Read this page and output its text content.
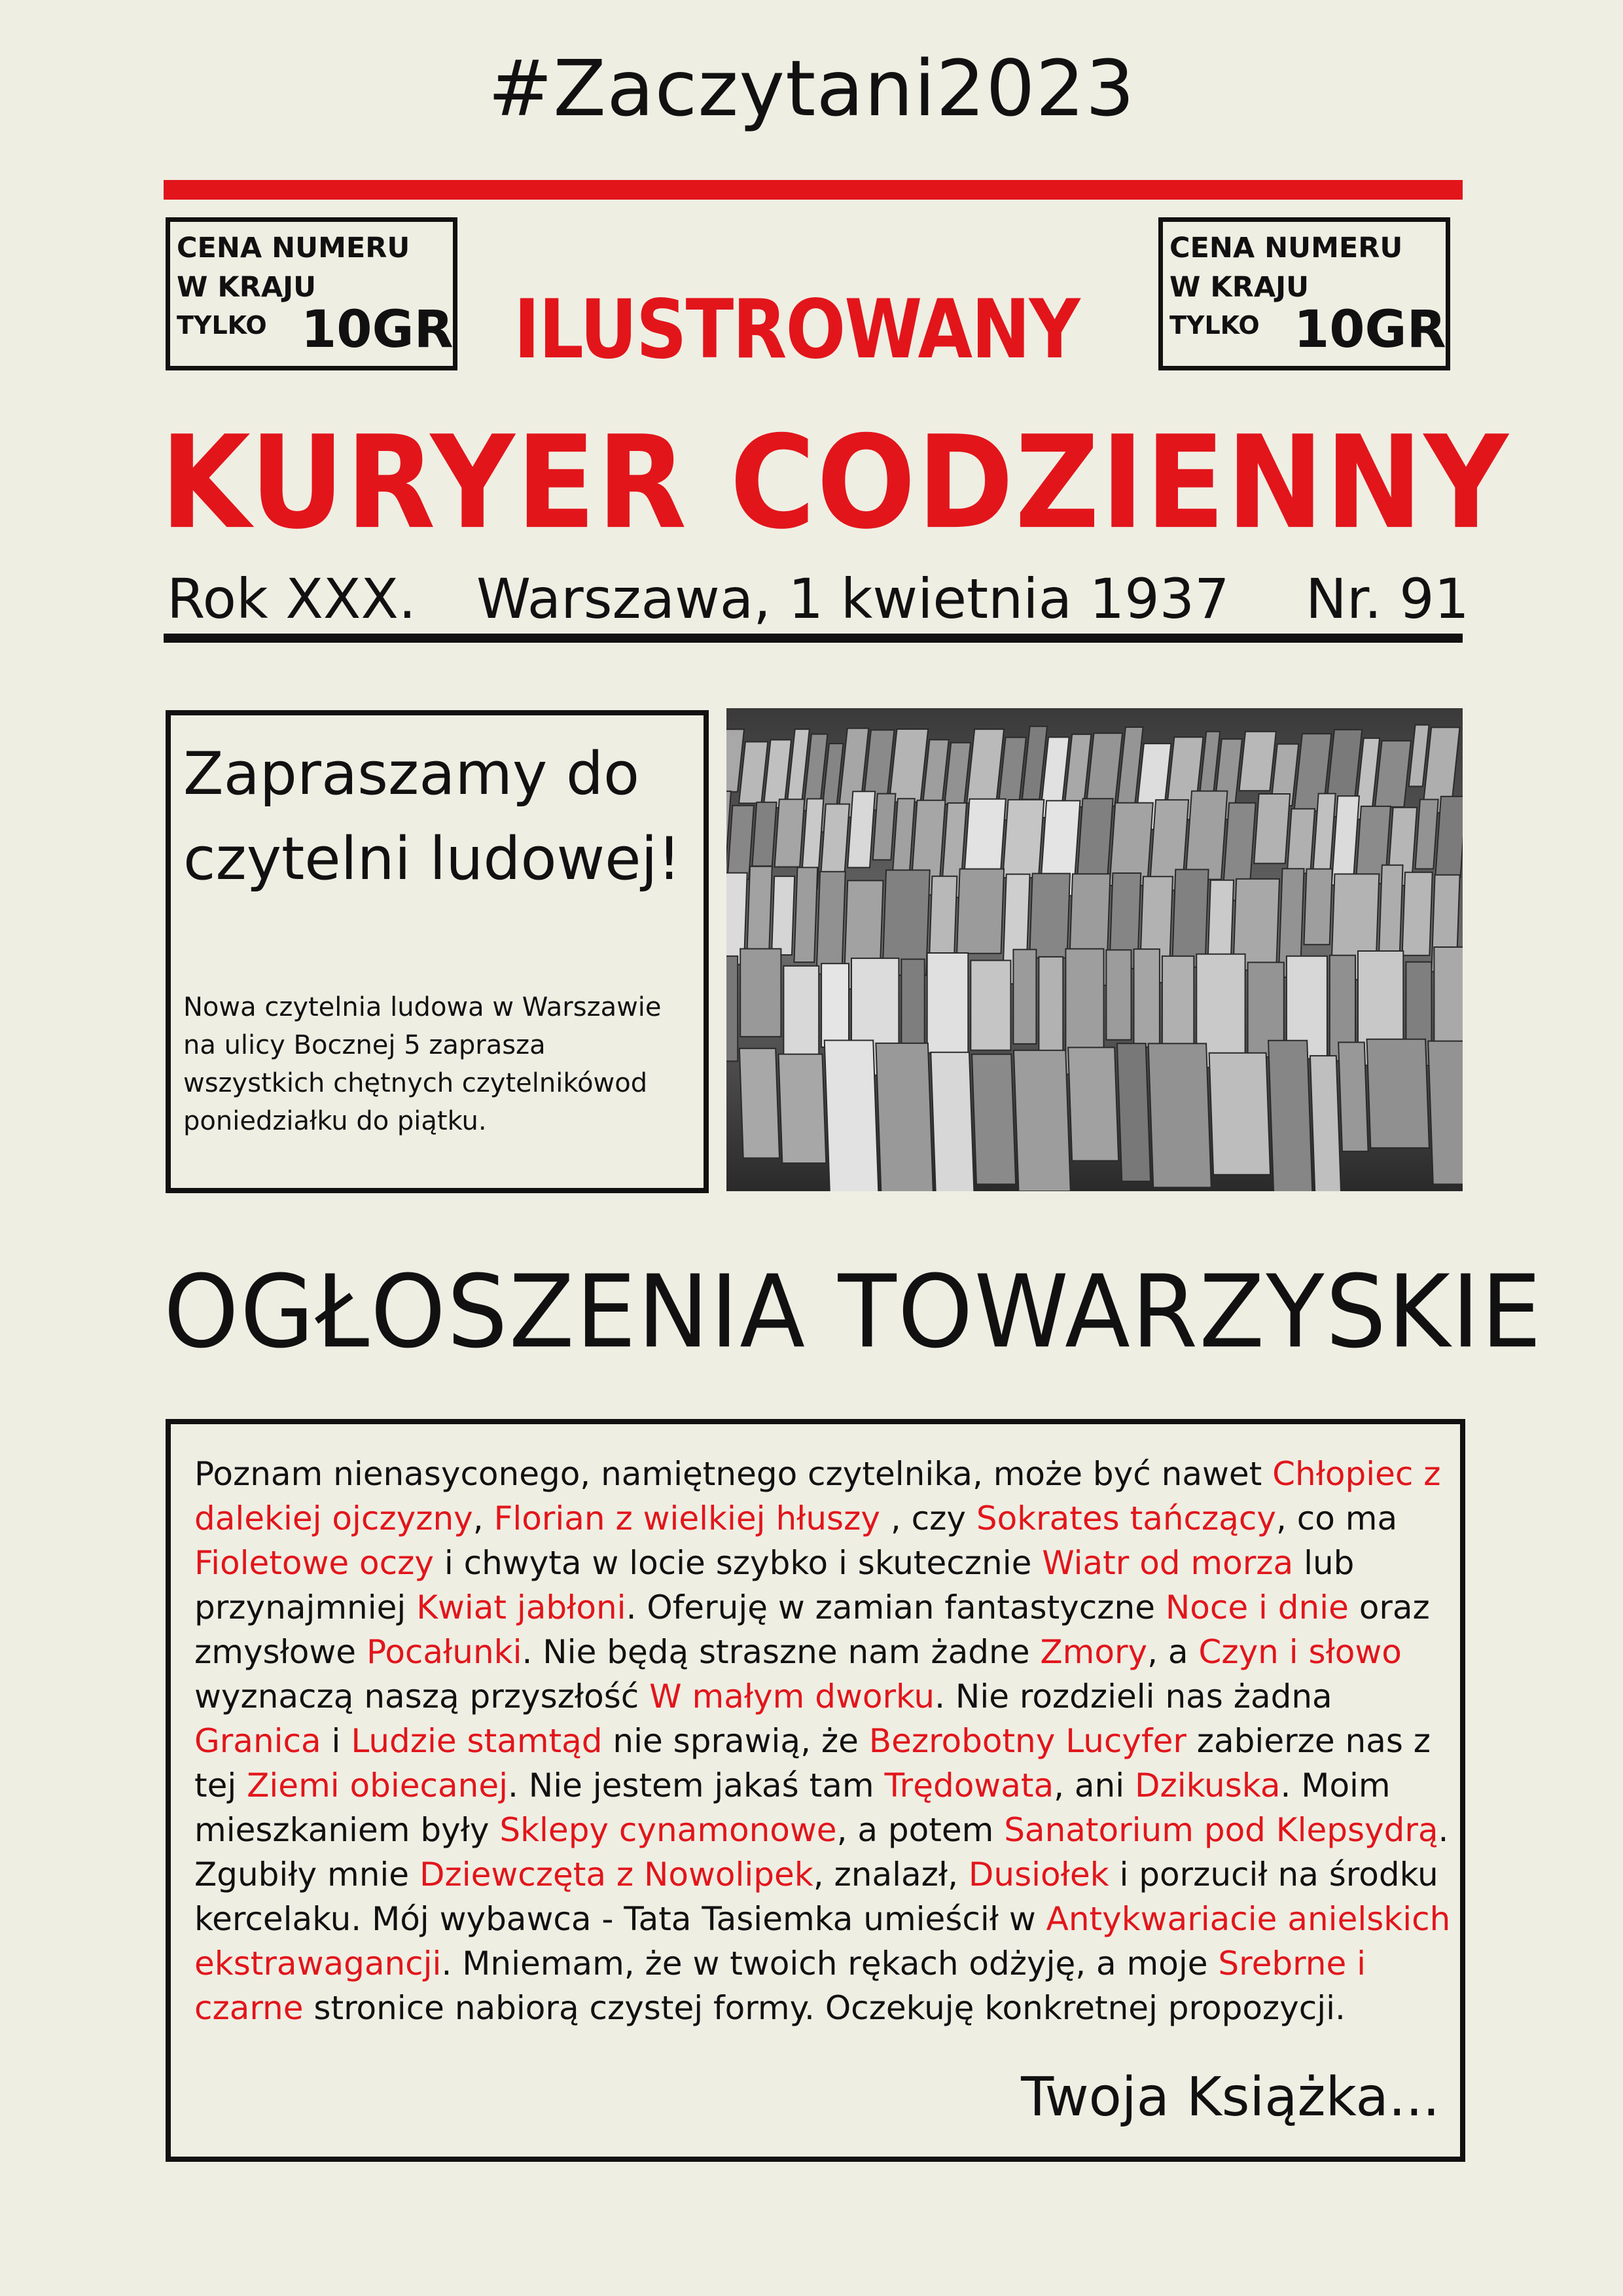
#Zaczytani2023
CENA NUMERU
W KRAJU
TYLKO 10GR
CENA NUMERU
W KRAJU
TYLKO 10GR
ILUSTROWANY
KURYER CODZIENNY
Rok XXX. Warszawa, 1 kwietnia 1937 Nr. 91
Zapraszamy do czytelni ludowej!
Nowa czytelnia ludowa w Warszawie na ulicy Bocznej 5 zaprasza wszystkich chętnych czytelnikówod poniedziałku do piątku.
OGŁOSZENIA TOWARZYSKIE
Poznam nienasyconego, namiętnego czytelnika, może być nawet Chłopiec z dalekiej ojczyzny, Florian z wielkiej hłuszy , czy Sokrates tańczący, co ma Fioletowe oczy i chwyta w locie szybko i skutecznie Wiatr od morza lub przynajmniej Kwiat jabłoni. Oferuję w zamian fantastyczne Noce i dnie oraz zmysłowe Pocałunki. Nie będą straszne nam żadne Zmory, a Czyn i słowo wyznaczą naszą przyszłość W małym dworku. Nie rozdzieli nas żadna Granica i Ludzie stamtąd nie sprawią, że Bezrobotny Lucyfer zabierze nas z tej Ziemi obiecanej. Nie jestem jakaś tam Trędowata, ani Dzikuska. Moim mieszkaniem były Sklepy cynamonowe, a potem Sanatorium pod Klepsydrą. Zgubiły mnie Dziewczęta z Nowolipek, znalazł, Dusiołek i porzucił na środku kercelaku. Mój wybawca - Tata Tasiemka umieścił w Antykwariacie anielskich ekstrawagancji. Mniemam, że w twoich rękach odżyję, a moje Srebrne i czarne stronice nabiorą czystej formy. Oczekuję konkretnej propozycji.
Twoja Książka...
